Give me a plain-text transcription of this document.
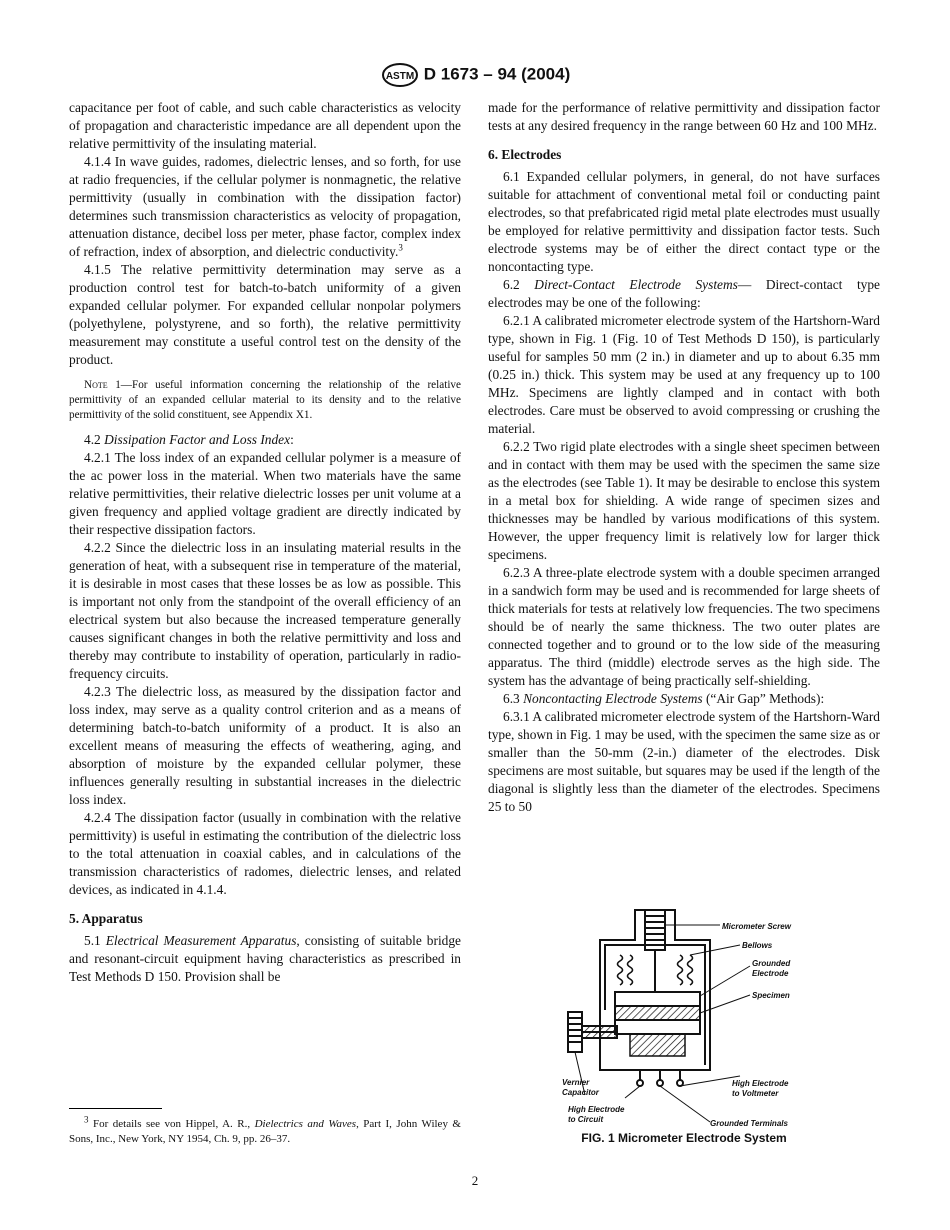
ASTM D 1673 – 94 (2004)

capacitance per foot of cable, and such cable characteristics as velocity of propagation and characteristic impedance are all dependent upon the relative permittivity of the insulating material.

4.1.4 In wave guides, radomes, dielectric lenses, and so forth, for use at radio frequencies, if the cellular polymer is nonmagnetic, the relative permittivity (usually in combination with the dissipation factor) determines such transmission characteristics as velocity of propagation, attenuation distance, decibel loss per meter, phase factor, complex index of refraction, index of absorption, and dielectric conductivity.$^3$

4.1.5 The relative permittivity determination may serve as a production control test for batch-to-batch uniformity of a given expanded cellular polymer. For expanded cellular nonpolar polymers (polyethylene, polystyrene, and so forth), the relative permittivity measurement may constitute a useful control test on the density of the product.

Note 1—For useful information concerning the relationship of the relative permittivity of an expanded cellular material to its density and to the relative permittivity of the solid constituent, see Appendix X1.

4.2 Dissipation Factor and Loss Index:

4.2.1 The loss index of an expanded cellular polymer is a measure of the ac power loss in the material. When two materials have the same relative permittivities, their relative dielectric losses per unit volume at a given frequency and applied voltage gradient are directly indicated by their respective dissipation factors.

4.2.2 Since the dielectric loss in an insulating material results in the generation of heat, with a subsequent rise in temperature of the material, it is desirable in most cases that these losses be as low as possible. This is important not only from the standpoint of the overall efficiency of an electrical system but also because the increased temperature generally causes significant changes in both the relative permittivity and loss and thereby may contribute to instability of operation, particularly in radio-frequency circuits.

4.2.3 The dielectric loss, as measured by the dissipation factor and loss index, may serve as a quality control criterion and as a means of determining batch-to-batch uniformity of a product. It is also an excellent means of measuring the effects of weathering, aging, and absorption of moisture by the expanded cellular polymer, these influences generally resulting in substantial increases in the dielectric loss index.

4.2.4 The dissipation factor (usually in combination with the relative permittivity) is useful in estimating the contribution of the dielectric loss to the total attenuation in coaxial cables, and in calculations of the transmission characteristics of radomes, dielectric lenses, and related devices, as indicated in 4.1.4.

5. Apparatus

5.1 Electrical Measurement Apparatus, consisting of suitable bridge and resonant-circuit equipment having characteristics as prescribed in Test Methods D 150. Provision shall be

made for the performance of relative permittivity and dissipation factor tests at any desired frequency in the range between 60 Hz and 100 MHz.

6. Electrodes

6.1 Expanded cellular polymers, in general, do not have surfaces suitable for attachment of conventional metal foil or conducting paint electrodes, so that prefabricated rigid metal plate electrodes must usually be employed for relative permittivity and dissipation factor tests. Such electrode systems may be of either the direct contact type or the noncontacting type.

6.2 Direct-Contact Electrode Systems— Direct-contact type electrodes may be one of the following:

6.2.1 A calibrated micrometer electrode system of the Hartshorn-Ward type, shown in Fig. 1 (Fig. 10 of Test Methods D 150), is particularly useful for samples 50 mm (2 in.) in diameter and up to about 6.35 mm (0.25 in.) thick. This system may be used at any frequency up to 100 MHz. Specimens are lightly clamped and in contact with both electrodes. Care must be observed to avoid compressing or crushing the material.

6.2.2 Two rigid plate electrodes with a single sheet specimen between and in contact with them may be used with the specimen the same size as the electrodes (see Table 1). It may be desirable to enclose this system in a metal box for shielding. A wide range of specimen sizes and thicknesses may be handled by various modifications of this system. However, the upper frequency limit is relatively low for larger thick specimens.

6.2.3 A three-plate electrode system with a double specimen arranged in a sandwich form may be used and is recommended for large sheets of thick materials for tests at relatively low frequencies. The two specimens should be of nearly the same thickness. The two outer plates are connected together and to ground or to the low side of the measuring apparatus. The third (middle) electrode serves as the high side. The system has the advantage of being practically self-shielding.

6.3 Noncontacting Electrode Systems (“Air Gap” Methods):

6.3.1 A calibrated micrometer electrode system of the Hartshorn-Ward type, shown in Fig. 1 may be used, with the specimen the same size as or smaller than the 50-mm (2-in.) diameter of the electrodes. Disk specimens are most suitable, but squares may be used if the length of the diagonal is slightly less than the diameter of the electrodes. Specimens 25 to 50

Micrometer Screw
Bellows
Grounded
Electrode
Specimen
Vernier
Capacitor
High Electrode
to Voltmeter
High Electrode
to Circuit	Grounded Terminals
FIG. 1 Micrometer Electrode System
$^3$ For details see von Hippel, A. R., Dielectrics and Waves, Part I, John Wiley & Sons, Inc., New York, NY 1954, Ch. 9, pp. 26–37.
2
